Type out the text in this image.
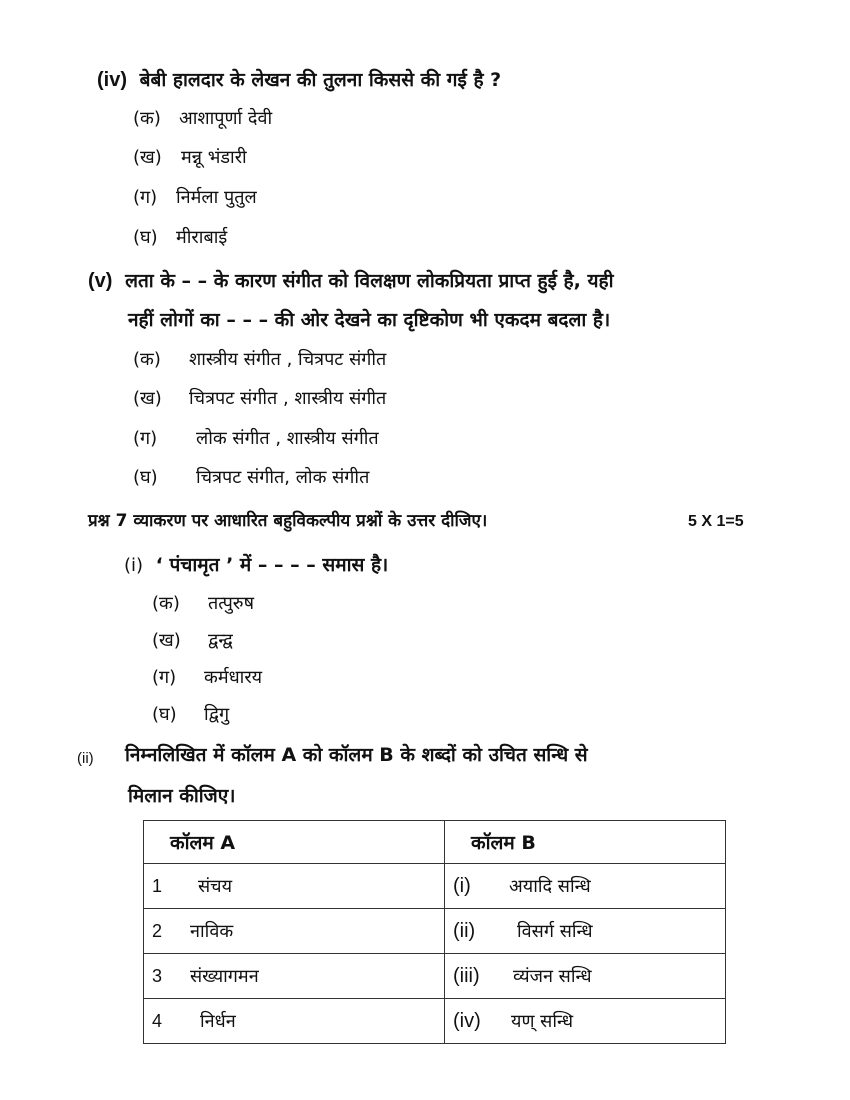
(iv) बेबी हालदार के लेखन की तुलना किससे की गई है ?
(क) आशापूर्णा देवी
(ख) मन्नू भंडारी
(ग) निर्मला पुतुल
(घ) मीराबाई
(v) लता के – – के कारण संगीत को विलक्षण लोकप्रियता प्राप्त हुई है, यही
नहीं लोगों का – – – की ओर देखने का दृष्टिकोण भी एकदम बदला है।
(क) शास्त्रीय संगीत , चित्रपट संगीत
(ख) चित्रपट संगीत , शास्त्रीय संगीत
(ग) लोक संगीत , शास्त्रीय संगीत
(घ) चित्रपट संगीत, लोक संगीत
प्रश्न 7 व्याकरण पर आधारित बहुविकल्पीय प्रश्नों के उत्तर दीजिए।	5 X 1=5
(i) ‘ पंचामृत ’ में – – – – समास है।
(क) तत्पुरुष
(ख) द्वन्द्व
(ग) कर्मधारय
(घ) द्विगु
(ii) निम्नलिखित में कॉलम A को कॉलम B के शब्दों को उचित सन्धि से
मिलान कीजिए।
कॉलम A	कॉलम B
1 संचय	(i) अयादि सन्धि
2 नाविक	(ii) विसर्ग सन्धि
3 संख्यागमन	(iii) व्यंजन सन्धि
4 निर्धन	(iv) यण् सन्धि
